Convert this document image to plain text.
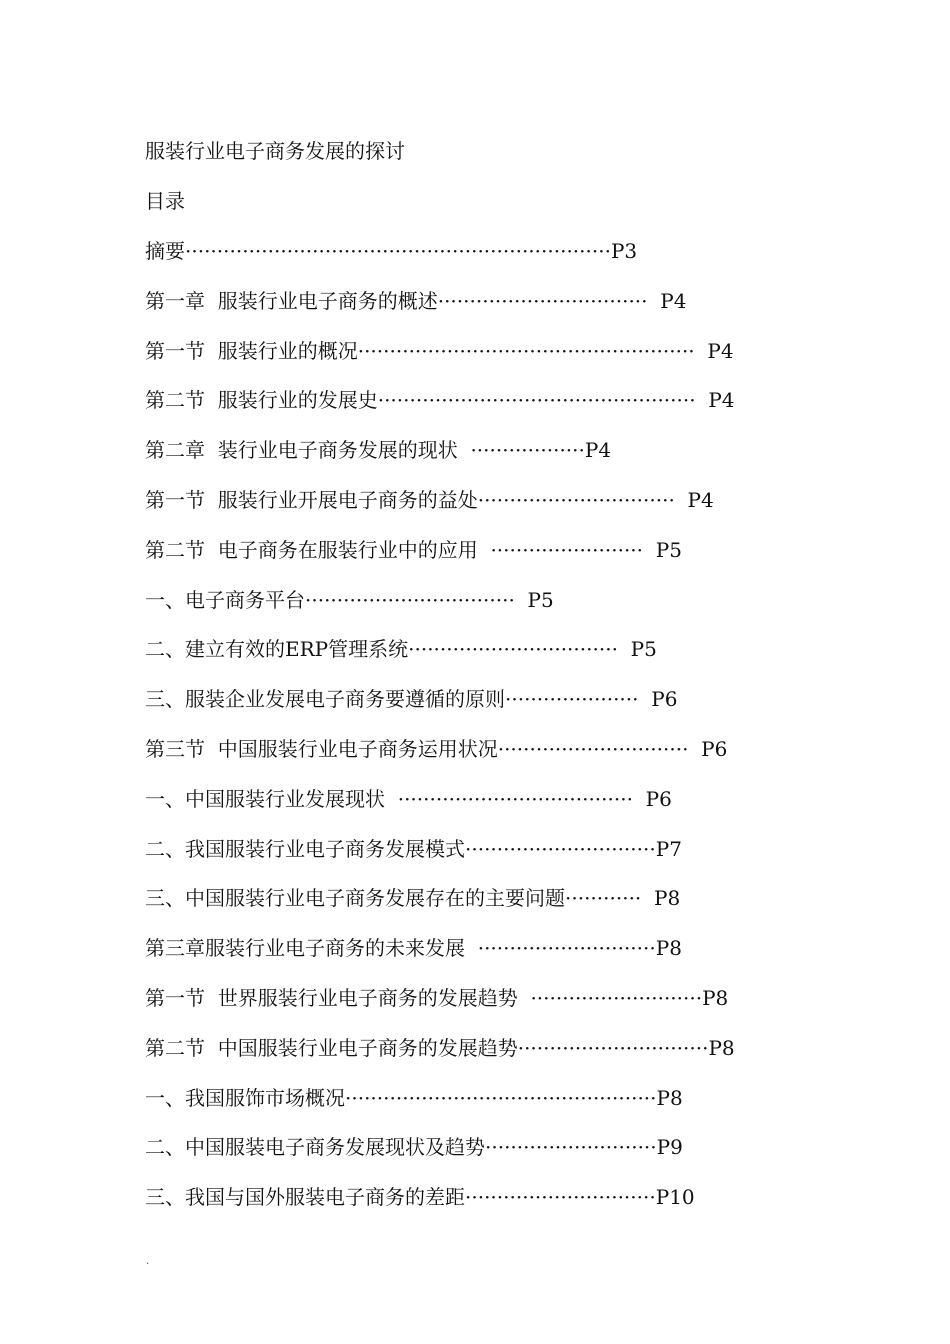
服装行业电子商务发展的探讨
目录
摘要···································································P3
第一章  服装行业电子商务的概述·································  P4
第一节  服装行业的概况·····················································  P4
第二节  服装行业的发展史··················································  P4
第二章  装行业电子商务发展的现状  ··················P4
第一节  服装行业开展电子商务的益处·······························  P4
第二节  电子商务在服装行业中的应用  ························  P5
一、电子商务平台·································  P5
二、建立有效的ERP管理系统·································  P5
三、服装企业发展电子商务要遵循的原则·····················  P6
第三节  中国服装行业电子商务运用状况······························  P6
一、中国服装行业发展现状  ·····································  P6
二、我国服装行业电子商务发展模式······························P7
三、中国服装行业电子商务发展存在的主要问题············  P8
第三章服装行业电子商务的未来发展  ····························P8
第一节  世界服装行业电子商务的发展趋势  ···························P8
第二节  中国服装行业电子商务的发展趋势······························P8
一、我国服饰市场概况·················································P8
二、中国服装电子商务发展现状及趋势···························P9
三、我国与国外服装电子商务的差距······························P10
.
